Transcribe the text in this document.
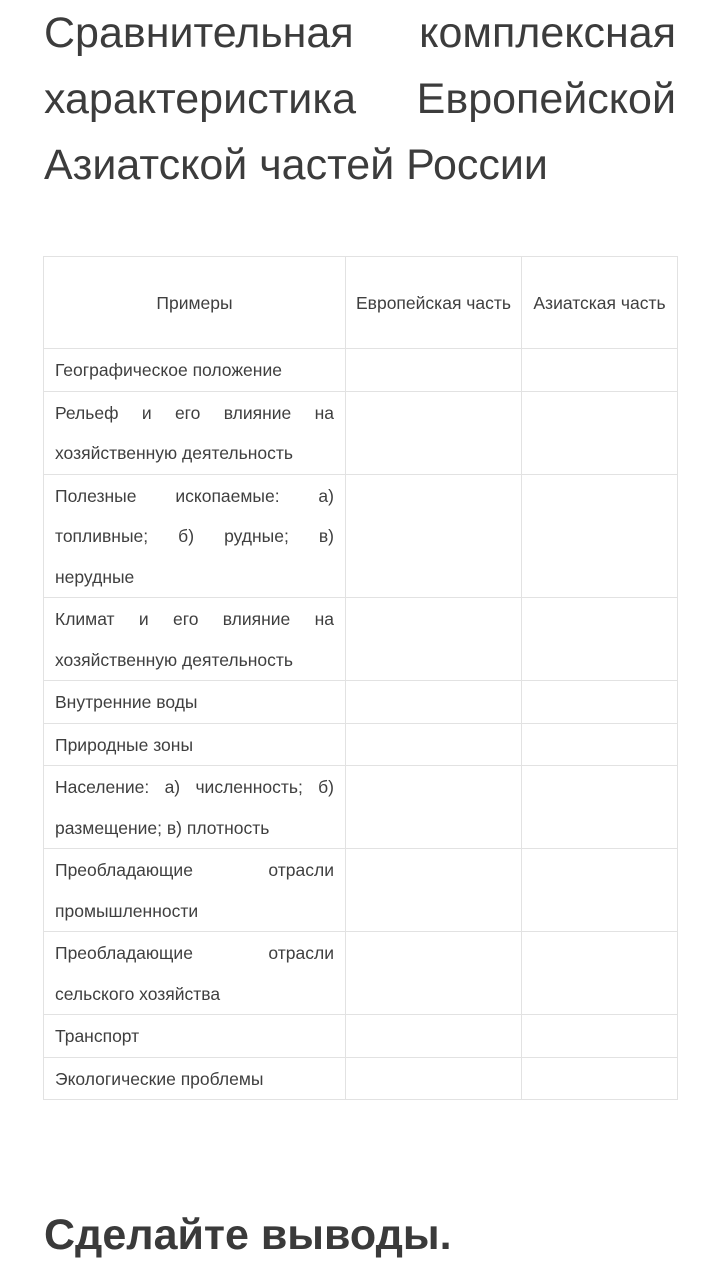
Сравнительная комплексная характеристика Европейской Азиатской частей России
Примеры	Европейская часть	Азиатская часть

Географическое положение		

Рельеф и его влияние на хозяйственную деятельность		

Полезные ископаемые: а) топливные; б) рудные; в) нерудные		

Климат и его влияние на хозяйственную деятельность		

Внутренние воды		

Природные зоны		

Население: а) численность; б) размещение; в) плотность		

Преобладающие отрасли промышленности		

Преобладающие отрасли сельского хозяйства		

Транспорт		

Экологические проблемы		

Сделайте выводы.
